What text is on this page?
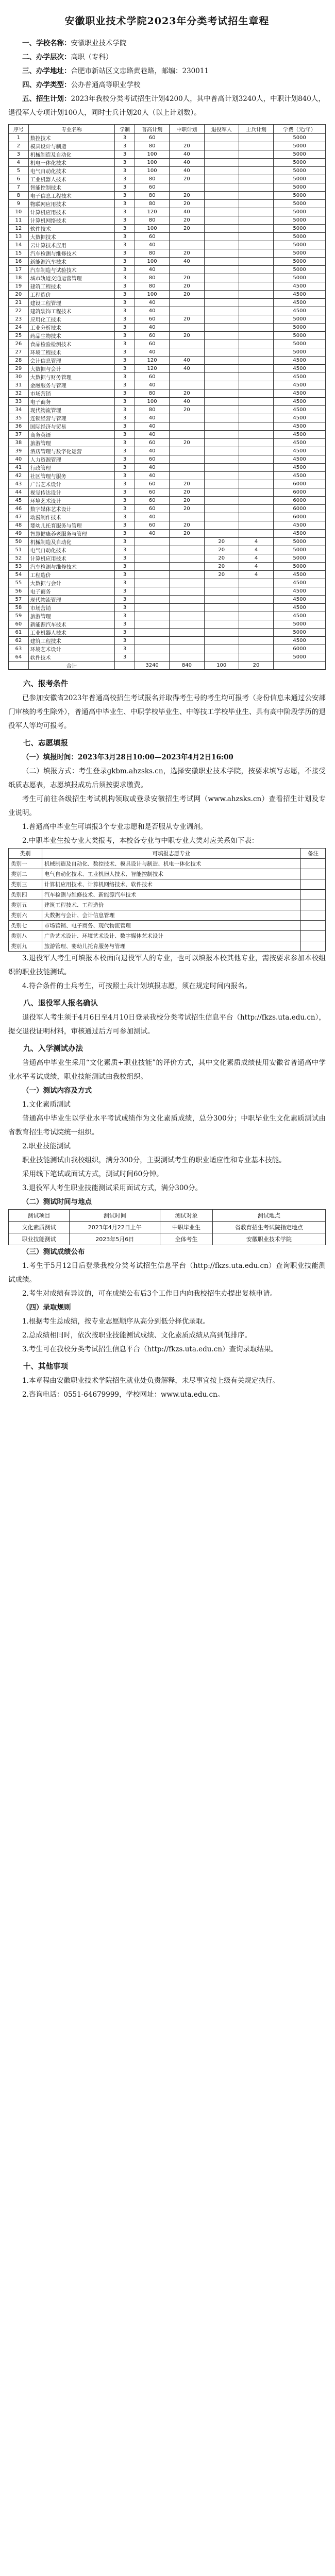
安徽职业技术学院2023年分类考试招生章程

一、学校名称：安徽职业技术学院

二、办学层次：高职（专科）

三、办学地址：合肥市新站区文忠路黄巷路，邮编：230011

四、办学类型：公办普通高等职业学校

五、招生计划：2023年我校分类考试招生计划4200人，其中普高计划3240人，中职计划840人，退役军人专项计划100人，同时士兵计划20人（以上计划数）。

序号	专业名称	学制	普高计划	中职计划	退役军人	士兵计划	学费（元/年）
1	数控技术	3	60				5000
2	模具设计与制造	3	80	20			5000
3	机械制造及自动化	3	100	40			5000
4	机电一体化技术	3	100	40			5000
5	电气自动化技术	3	100	40			5000
6	工业机器人技术	3	80	20			5000
7	智能控制技术	3	60				5000
8	电子信息工程技术	3	80	20			5000
9	物联网应用技术	3	80	20			5000
10	计算机应用技术	3	120	40			5000
11	计算机网络技术	3	80	20			5000
12	软件技术	3	100	20			5000
13	大数据技术	3	60				5000
14	云计算技术应用	3	40				5000
15	汽车检测与维修技术	3	80	20			5000
16	新能源汽车技术	3	100	40			5000
17	汽车制造与试验技术	3	40				5000
18	城市轨道交通运营管理	3	80	20			5000
19	建筑工程技术	3	80	20			4500
20	工程造价	3	100	20			4500
21	建设工程管理	3	40				4500
22	建筑装饰工程技术	3	40				4500
23	应用化工技术	3	60	20			5000
24	工业分析技术	3	40				5000
25	药品生物技术	3	60	20			5000
26	食品检验检测技术	3	60				5000
27	环境工程技术	3	40				5000
28	会计信息管理	3	120	40			4500
29	大数据与会计	3	120	40			4500
30	大数据与财务管理	3	60				4500
31	金融服务与管理	3	40				4500
32	市场营销	3	80	20			4500
33	电子商务	3	100	40			4500
34	现代物流管理	3	80	20			4500
35	连锁经营与管理	3	40				4500
36	国际经济与贸易	3	40				4500
37	商务英语	3	40				4500
38	旅游管理	3	60	20			4500
39	酒店管理与数字化运营	3	40				4500
40	人力资源管理	3	60				4500
41	行政管理	3	40				4500
42	社区管理与服务	3	40				4500
43	广告艺术设计	3	60	20			6000
44	视觉传达设计	3	60	20			6000
45	环境艺术设计	3	60	20			6000
46	数字媒体艺术设计	3	60	20			6000
47	动漫制作技术	3	40				6000
48	婴幼儿托育服务与管理	3	60	20			4500
49	智慧健康养老服务与管理	3	40	20			4500
50	机械制造及自动化	3			20	4	5000
51	电气自动化技术	3			20	4	5000
52	计算机应用技术	3			20	4	5000
53	汽车检测与维修技术	3			20	4	5000
54	工程造价	3			20	4	4500
55	大数据与会计	3					4500
56	电子商务	3					4500
57	现代物流管理	3					4500
58	市场营销	3					4500
59	旅游管理	3					4500
60	新能源汽车技术	3					5000
61	工业机器人技术	3					5000
62	建筑工程技术	3					4500
63	环境艺术设计	3					6000
64	软件技术	3					5000
	合计		3240	840	100	20	

六、报考条件

已参加安徽省2023年普通高校招生考试报名并取得考生号的考生均可报考（身份信息未通过公安部门审核的考生除外），普通高中毕业生、中职学校毕业生、中等技工学校毕业生、具有高中阶段学历的退役军人等均可报考。

七、志愿填报

（一）填报时间：2023年3月28日10:00—2023年4月2日16:00

（二）填报方式：考生登录gkbm.ahzsks.cn，选择安徽职业技术学院，按要求填写志愿，不接受纸质志愿表，志愿填报成功后须按要求缴费。

考生可前往各级招生考试机构领取或登录安徽招生考试网（www.ahzsks.cn）查看招生计划及专业说明。

1.普通高中毕业生可填报3个专业志愿和是否服从专业调剂。

2.中职毕业生按专业大类报考，本校各专业与中职专业大类对应关系如下表：

类别	可填报志愿专业	备注
类别一	机械制造及自动化、数控技术、模具设计与制造、机电一体化技术	
类别二	电气自动化技术、工业机器人技术、智能控制技术	
类别三	计算机应用技术、计算机网络技术、软件技术	
类别四	汽车检测与维修技术、新能源汽车技术	
类别五	建筑工程技术、工程造价	
类别六	大数据与会计、会计信息管理	
类别七	市场营销、电子商务、现代物流管理	
类别八	广告艺术设计、环境艺术设计、数字媒体艺术设计	
类别九	旅游管理、婴幼儿托育服务与管理	

3.退役军人考生可填报本校面向退役军人的专业，也可以填报本校其他专业，需按要求参加本校组织的职业技能测试。

4.符合条件的士兵考生，可按照士兵计划填报志愿，须在规定时间内报名。

八、退役军人报名确认

退役军人考生须于4月6日至4月10日登录我校分类考试招生信息平台（http://fkzs.uta.edu.cn），提交退役证明材料，审核通过后方可参加测试。

九、入学测试办法

普通高中毕业生采用“文化素质+职业技能”的评价方式，其中文化素质成绩使用安徽省普通高中学业水平考试成绩，职业技能测试由我校组织。

（一）测试内容及方式

1.文化素质测试

普通高中毕业生以学业水平考试成绩作为文化素质成绩，总分300分；中职毕业生文化素质测试由省教育招生考试院统一组织。

2.职业技能测试

职业技能测试由我校组织，满分300分，主要测试考生的职业适应性和专业基本技能。

采用线下笔试或面试方式，测试时间60分钟。

3.退役军人考生职业技能测试采用面试方式，满分300分。

（二）测试时间与地点

测试项目	测试时间	测试对象	测试地点
文化素质测试	2023年4月22日上午	中职毕业生	省教育招生考试院指定地点
职业技能测试	2023年5月6日	全体考生	安徽职业技术学院

（三）测试成绩公布

1.考生于5月12日后登录我校分类考试招生信息平台（http://fkzs.uta.edu.cn）查询职业技能测试成绩。

2.考生对成绩有异议的，可在成绩公布后3个工作日内向我校招生办提出复核申请。

（四）录取规则

1.根据考生总成绩，按专业志愿顺序从高分到低分择优录取。

2.总成绩相同时，依次按职业技能测试成绩、文化素质成绩从高到低排序。

3.考生可在我校分类考试招生信息平台（http://fkzs.uta.edu.cn）查询录取结果。

十、其他事项

1.本章程由安徽职业技术学院招生就业处负责解释，未尽事宜按上级有关规定执行。

2.咨询电话：0551-64679999，学校网址：www.uta.edu.cn。
